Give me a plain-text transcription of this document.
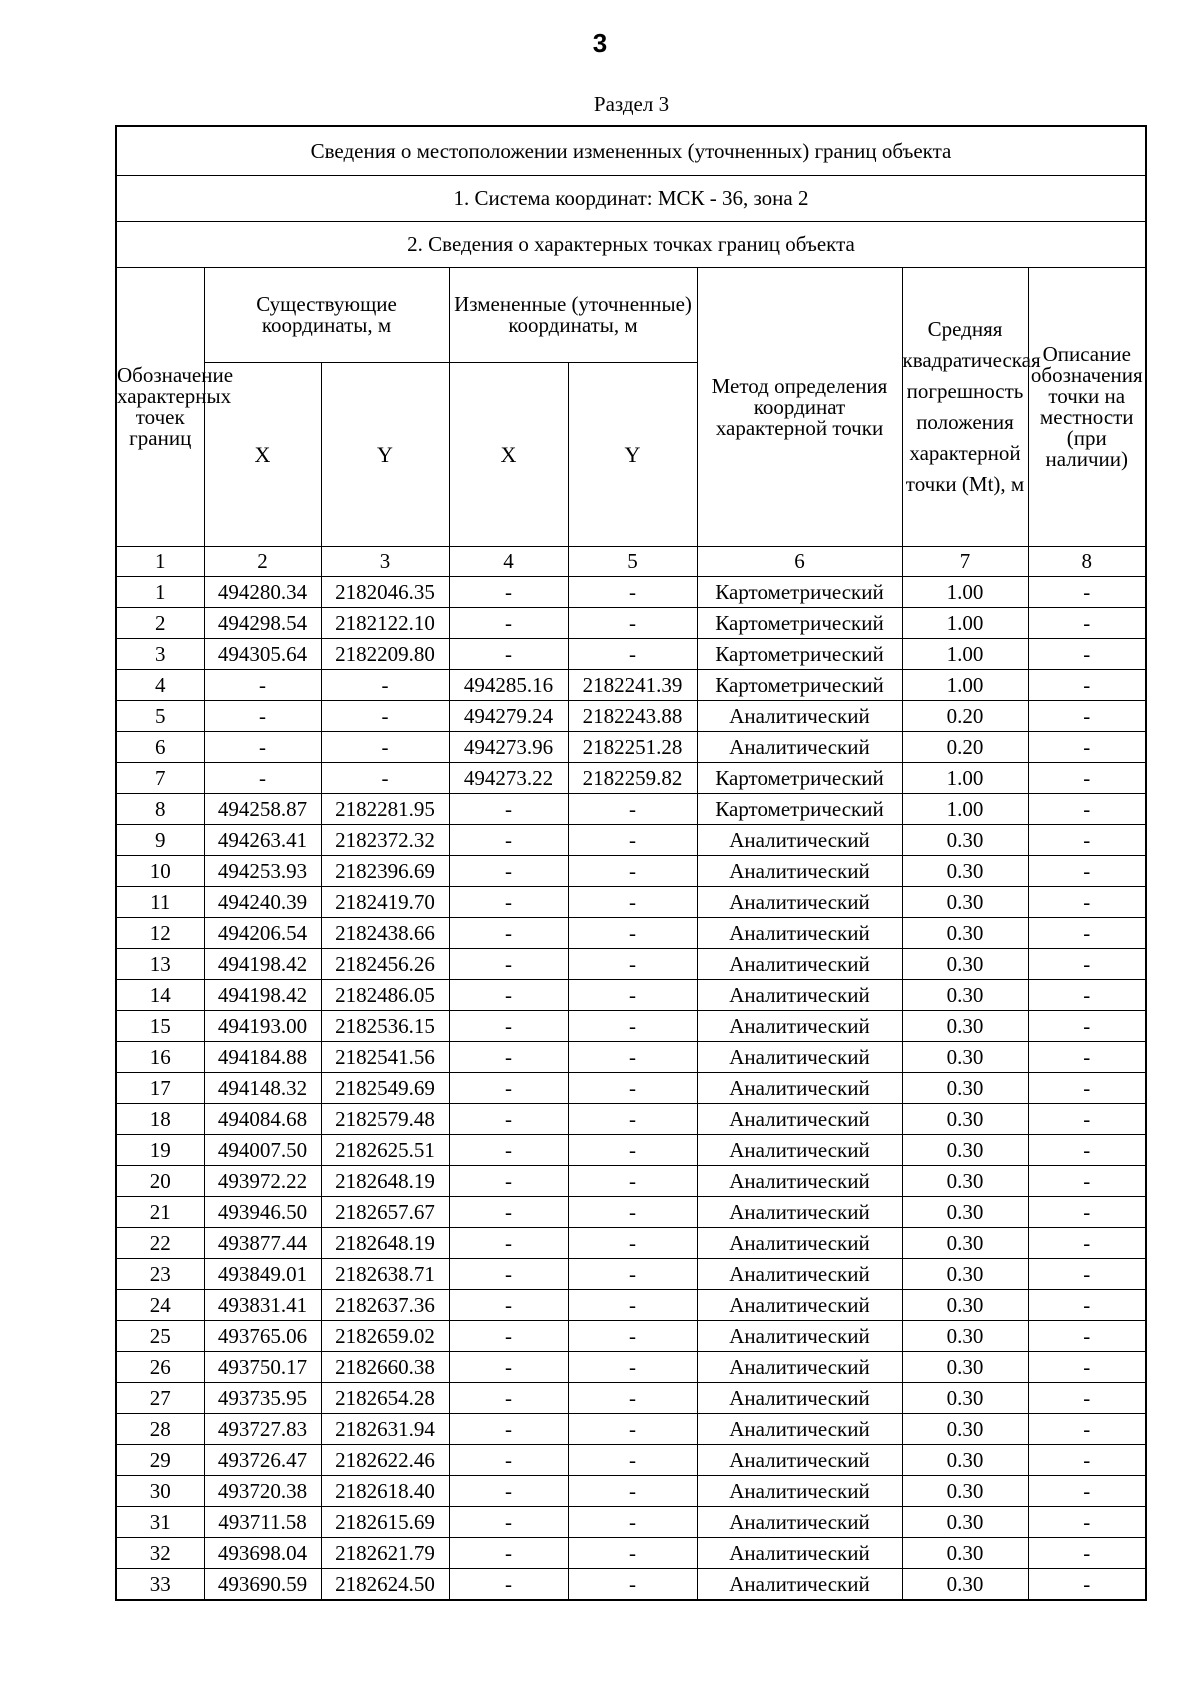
3
Раздел 3
Сведения о местоположении измененных (уточненных) границ объекта							
1. Система координат: МСК - 36, зона 2							
2. Сведения о характерных точках границ объекта							
Обозначение характерных точек границ	Существующие координаты, м		Измененные (уточненные) координаты, м		Метод определения координат характерной точки	Средняя квадратическая погрешность положения характерной точки (Mt), м	Описание обозначения точки на местности (при наличии)
	X	Y	X	Y			
1	2	3	4	5	6	7	8
1	494280.34	2182046.35	-	-	Картометрический	1.00	-
2	494298.54	2182122.10	-	-	Картометрический	1.00	-
3	494305.64	2182209.80	-	-	Картометрический	1.00	-
4	-	-	494285.16	2182241.39	Картометрический	1.00	-
5	-	-	494279.24	2182243.88	Аналитический	0.20	-
6	-	-	494273.96	2182251.28	Аналитический	0.20	-
7	-	-	494273.22	2182259.82	Картометрический	1.00	-
8	494258.87	2182281.95	-	-	Картометрический	1.00	-
9	494263.41	2182372.32	-	-	Аналитический	0.30	-
10	494253.93	2182396.69	-	-	Аналитический	0.30	-
11	494240.39	2182419.70	-	-	Аналитический	0.30	-
12	494206.54	2182438.66	-	-	Аналитический	0.30	-
13	494198.42	2182456.26	-	-	Аналитический	0.30	-
14	494198.42	2182486.05	-	-	Аналитический	0.30	-
15	494193.00	2182536.15	-	-	Аналитический	0.30	-
16	494184.88	2182541.56	-	-	Аналитический	0.30	-
17	494148.32	2182549.69	-	-	Аналитический	0.30	-
18	494084.68	2182579.48	-	-	Аналитический	0.30	-
19	494007.50	2182625.51	-	-	Аналитический	0.30	-
20	493972.22	2182648.19	-	-	Аналитический	0.30	-
21	493946.50	2182657.67	-	-	Аналитический	0.30	-
22	493877.44	2182648.19	-	-	Аналитический	0.30	-
23	493849.01	2182638.71	-	-	Аналитический	0.30	-
24	493831.41	2182637.36	-	-	Аналитический	0.30	-
25	493765.06	2182659.02	-	-	Аналитический	0.30	-
26	493750.17	2182660.38	-	-	Аналитический	0.30	-
27	493735.95	2182654.28	-	-	Аналитический	0.30	-
28	493727.83	2182631.94	-	-	Аналитический	0.30	-
29	493726.47	2182622.46	-	-	Аналитический	0.30	-
30	493720.38	2182618.40	-	-	Аналитический	0.30	-
31	493711.58	2182615.69	-	-	Аналитический	0.30	-
32	493698.04	2182621.79	-	-	Аналитический	0.30	-
33	493690.59	2182624.50	-	-	Аналитический	0.30	-
